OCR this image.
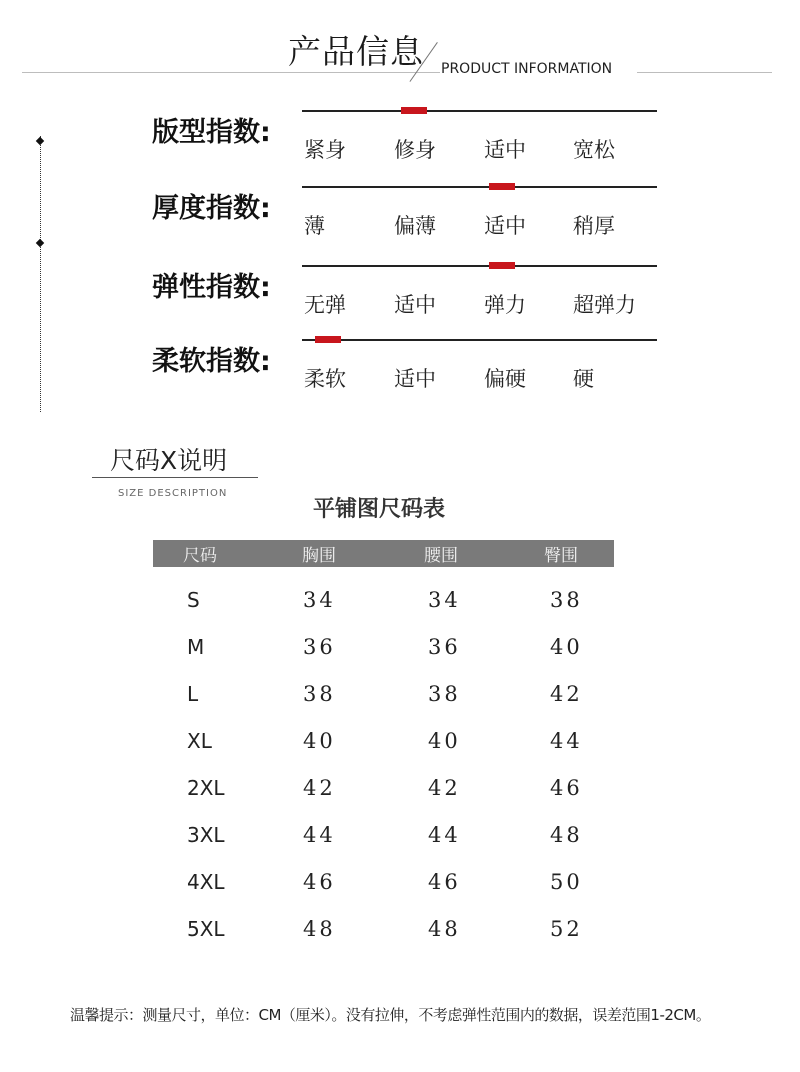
产品信息 PRODUCT INFORMATION
版型指数:
紧身 修身 适中 宽松
厚度指数:
薄	偏薄 适中 稍厚
弹性指数:
无弹 适中 弹力 超弹力
柔软指数:
柔软 适中 偏硬 硬
尺码X说明
SIZE DESCRIPTION
平铺图尺码表
尺码	胸围	腰围	臀围
S	34	34	38
M	36	36	40
L	38	38	42
XL	40	40	44
2XL	42	42	46
3XL	44	44	48
4XL	46	46	50
5XL	48	48	52
温馨提示：测量尺寸，单位：CM（厘米）。没有拉伸，不考虑弹性范围内的数据，误差范围1-2CM。
